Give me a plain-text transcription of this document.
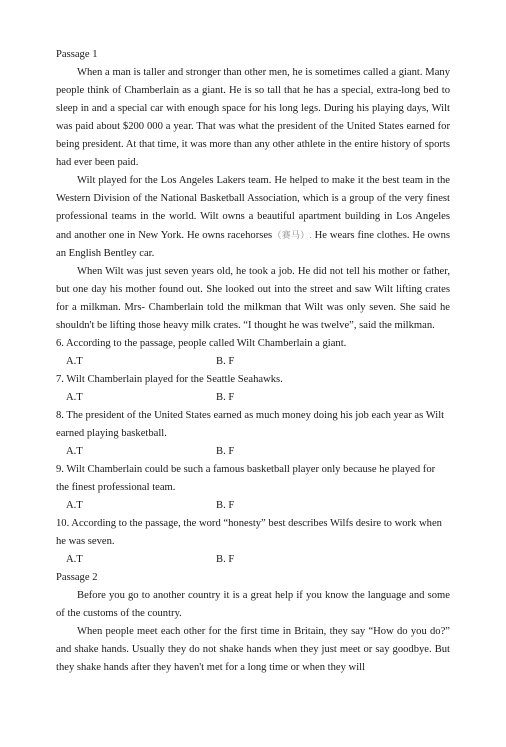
Passage 1

When a man is taller and stronger than other men, he is sometimes called a giant. Many people think of Chamberlain as a giant. He is so tall that he has a special, extra-long bed to sleep in and a special car with enough space for his long legs. During his playing days, Wilt was paid about $200 000 a year. That was what the president of the United States earned for being president. At that time, it was more than any other athlete in the entire history of sports had ever been paid.

Wilt played for the Los Angeles Lakers team. He helped to make it the best team in the Western Division of the National Basketball Association, which is a group of the very finest professional teams in the world. Wilt owns a beautiful apartment building in Los Angeles and another one in New York. He owns racehorses（赛马）. He wears fine clothes. He owns an English Bentley car.

When Wilt was just seven years old, he took a job. He did not tell his mother or father, but one day his mother found out. She looked out into the street and saw Wilt lifting crates for a milkman. Mrs- Chamberlain told the milkman that Wilt was only seven. She said he shouldn't be lifting those heavy milk crates. “I thought he was twelve”, said the milkman.

6. According to the passage, people called Wilt Chamberlain a giant.

A.T	B. F

7. Wilt Chamberlain played for the Seattle Seahawks.

A.T	B. F

8. The president of the United States earned as much money doing his job each year as Wilt earned playing basketball.

A.T	B. F

9. Wilt Chamberlain could be such a famous basketball player only because he played for the finest professional team.

A.T	B. F

10. According to the passage, the word “honesty” best describes Wilfs desire to work when he was seven.

A.T	B. F

Passage 2

Before you go to another country it is a great help if you know the language and some of the customs of the country.

When people meet each other for the first time in Britain, they say “How do you do?” and shake hands. Usually they do not shake hands when they just meet or say goodbye. But they shake hands after they haven't met for a long time or when they will
